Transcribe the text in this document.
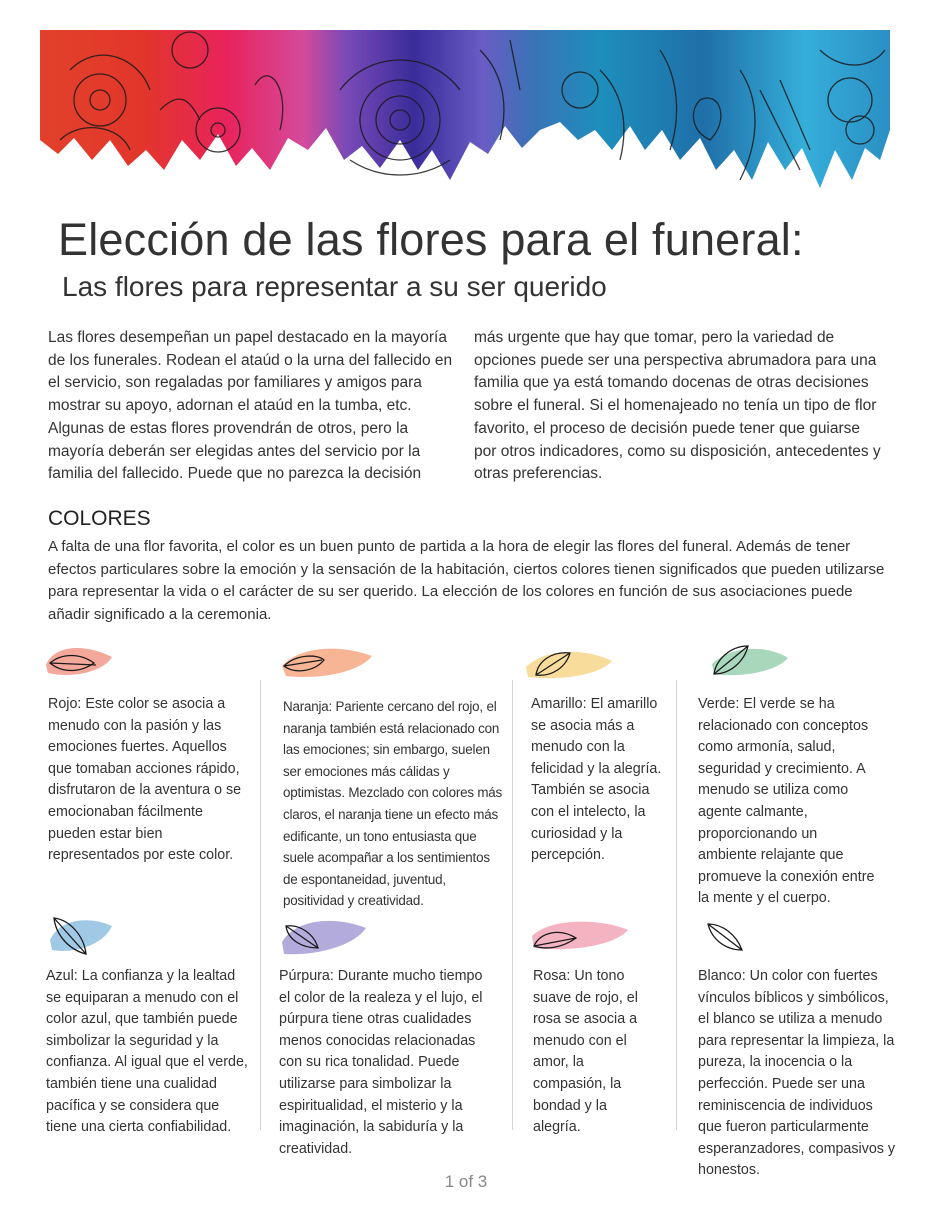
Elección de las flores para el funeral:
Las flores para representar a su ser querido

Las flores desempeñan un papel destacado en la mayoría de los funerales. Rodean el ataúd o la urna del fallecido en el servicio, son regaladas por familiares y amigos para mostrar su apoyo, adornan el ataúd en la tumba, etc. Algunas de estas flores provendrán de otros, pero la mayoría deberán ser elegidas antes del servicio por la familia del fallecido. Puede que no parezca la decisión

más urgente que hay que tomar, pero la variedad de opciones puede ser una perspectiva abrumadora para una familia que ya está tomando docenas de otras decisiones sobre el funeral. Si el homenajeado no tenía un tipo de flor favorito, el proceso de decisión puede tener que guiarse por otros indicadores, como su disposición, antecedentes y otras preferencias.

COLORES

A falta de una flor favorita, el color es un buen punto de partida a la hora de elegir las flores del funeral. Además de tener efectos particulares sobre la emoción y la sensación de la habitación, ciertos colores tienen significados que pueden utilizarse para representar la vida o el carácter de su ser querido. La elección de los colores en función de sus asociaciones puede añadir significado a la ceremonia.

Rojo: Este color se asocia a menudo con la pasión y las emociones fuertes. Aquellos que tomaban acciones rápido, disfrutaron de la aventura o se emocionaban fácilmente pueden estar bien representados por este color.

Naranja: Pariente cercano del rojo, el naranja también está relacionado con las emociones; sin embargo, suelen ser emociones más cálidas y optimistas. Mezclado con colores más claros, el naranja tiene un efecto más edificante, un tono entusiasta que suele acompañar a los sentimientos de espontaneidad, juventud, positividad y creatividad.

Amarillo: El amarillo se asocia más a menudo con la felicidad y la alegría. También se asocia con el intelecto, la curiosidad y la percepción.

Verde: El verde se ha relacionado con conceptos como armonía, salud, seguridad y crecimiento. A menudo se utiliza como agente calmante, proporcionando un ambiente relajante que promueve la conexión entre la mente y el cuerpo.

Azul: La confianza y la lealtad se equiparan a menudo con el color azul, que también puede simbolizar la seguridad y la confianza. Al igual que el verde, también tiene una cualidad pacífica y se considera que tiene una cierta confiabilidad.

Púrpura: Durante mucho tiempo el color de la realeza y el lujo, el púrpura tiene otras cualidades menos conocidas relacionadas con su rica tonalidad. Puede utilizarse para simbolizar la espiritualidad, el misterio y la imaginación, la sabiduría y la creatividad.

Rosa: Un tono suave de rojo, el rosa se asocia a menudo con el amor, la compasión, la bondad y la alegría.

Blanco: Un color con fuertes vínculos bíblicos y simbólicos, el blanco se utiliza a menudo para representar la limpieza, la pureza, la inocencia o la perfección. Puede ser una reminiscencia de individuos que fueron particularmente esperanzadores, compasivos y honestos.

1 of 3
